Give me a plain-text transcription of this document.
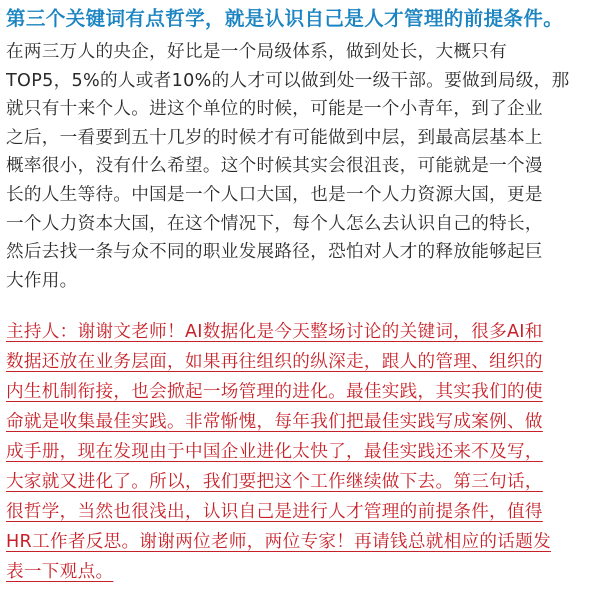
第三个关键词有点哲学，就是认识自己是人才管理的前提条件。
在两三万人的央企，好比是一个局级体系，做到处长，大概只有
TOP5，5%的人或者10%的人才可以做到处一级干部。要做到局级，那
就只有十来个人。进这个单位的时候，可能是一个小青年，到了企业
之后，一看要到五十几岁的时候才有可能做到中层，到最高层基本上
概率很小，没有什么希望。这个时候其实会很沮丧，可能就是一个漫
长的人生等待。中国是一个人口大国，也是一个人力资源大国，更是
一个人力资本大国，在这个情况下，每个人怎么去认识自己的特长，
然后去找一条与众不同的职业发展路径，恐怕对人才的释放能够起巨
大作用。
主持人：谢谢文老师！AI数据化是今天整场讨论的关键词，很多AI和
数据还放在业务层面，如果再往组织的纵深走，跟人的管理、组织的
内生机制衔接，也会掀起一场管理的进化。最佳实践，其实我们的使
命就是收集最佳实践。非常惭愧，每年我们把最佳实践写成案例、做
成手册，现在发现由于中国企业进化太快了，最佳实践还来不及写，
大家就又进化了。所以，我们要把这个工作继续做下去。第三句话，
很哲学，当然也很浅出，认识自己是进行人才管理的前提条件，值得
HR工作者反思。谢谢两位老师，两位专家！再请钱总就相应的话题发
表一下观点。
